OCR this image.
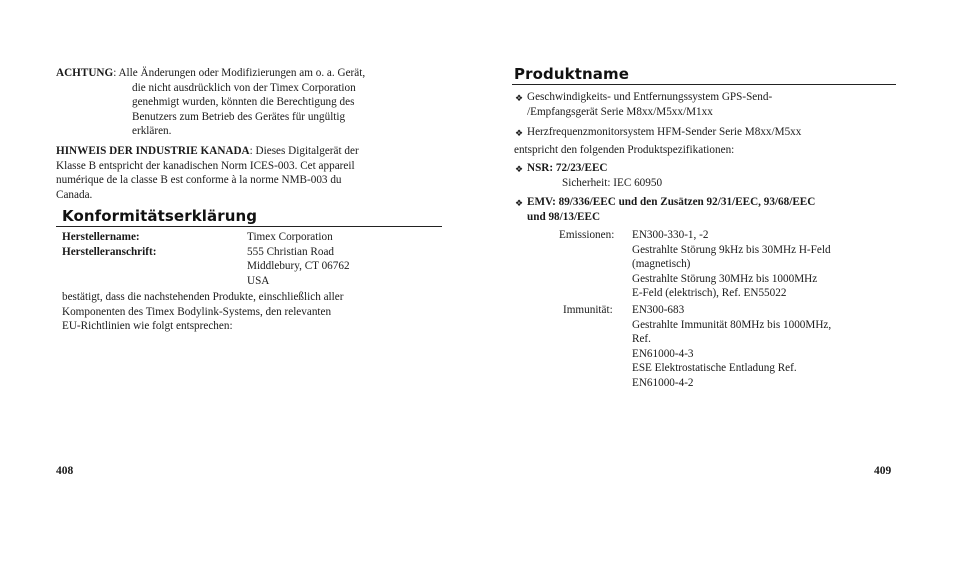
ACHTUNG: Alle Änderungen oder Modifizierungen am o. a. Gerät,
die nicht ausdrücklich von der Timex Corporation
genehmigt wurden, könnten die Berechtigung des
Benutzers zum Betrieb des Gerätes für ungültig
erklären.
HINWEIS DER INDUSTRIE KANADA: Dieses Digitalgerät der
Klasse B entspricht der kanadischen Norm ICES-003. Cet appareil
numérique de la classe B est conforme à la norme NMB-003 du
Canada.
Konformitätserklärung
Herstellername:	Timex Corporation
Herstelleranschrift:	555 Christian Road
Middlebury, CT 06762
USA
bestätigt, dass die nachstehenden Produkte, einschließlich aller
Komponenten des Timex Bodylink-Systems, den relevanten
EU-Richtlinien wie folgt entsprechen:
408
Produktname
❖ Geschwindigkeits- und Entfernungssystem GPS-Send-
/Empfangsgerät Serie M8xx/M5xx/M1xx
❖ Herzfrequenzmonitorsystem HFM-Sender Serie M8xx/M5xx
entspricht den folgenden Produktspezifikationen:
❖ NSR: 72/23/EEC
Sicherheit: IEC 60950
❖ EMV: 89/336/EEC und den Zusätzen 92/31/EEC, 93/68/EEC
und 98/13/EEC
Emissionen: EN300-330-1, -2
Gestrahlte Störung 9kHz bis 30MHz H-Feld
(magnetisch)
Gestrahlte Störung 30MHz bis 1000MHz
E-Feld (elektrisch), Ref. EN55022
Immunität: EN300-683
Gestrahlte Immunität 80MHz bis 1000MHz,
Ref.
EN61000-4-3
ESE Elektrostatische Entladung Ref.
EN61000-4-2
409
